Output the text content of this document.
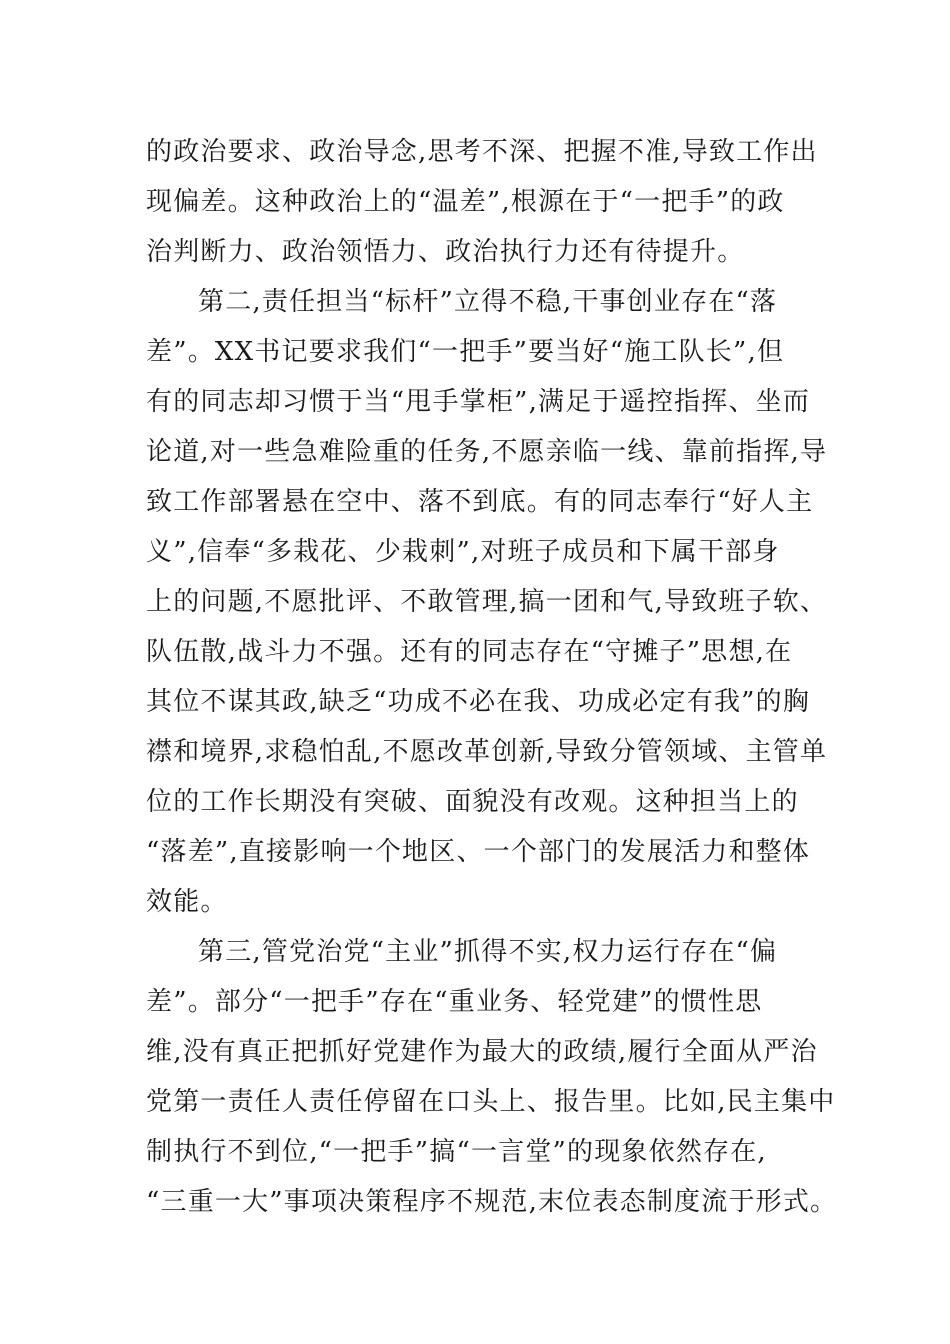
的政治要求、政治导念,思考不深、把握不准,导致工作出
现偏差。这种政治上的“温差”,根源在于“一把手”的政
治判断力、政治领悟力、政治执行力还有待提升。
第二,责任担当“标杆”立得不稳,干事创业存在“落
差”。XX书记要求我们“一把手”要当好“施工队长”,但
有的同志却习惯于当“甩手掌柜”,满足于遥控指挥、坐而
论道,对一些急难险重的任务,不愿亲临一线、靠前指挥,导
致工作部署悬在空中、落不到底。有的同志奉行“好人主
义”,信奉“多栽花、少栽刺”,对班子成员和下属干部身
上的问题,不愿批评、不敢管理,搞一团和气,导致班子软、
队伍散,战斗力不强。还有的同志存在“守摊子”思想,在
其位不谋其政,缺乏“功成不必在我、功成必定有我”的胸
襟和境界,求稳怕乱,不愿改革创新,导致分管领域、主管单
位的工作长期没有突破、面貌没有改观。这种担当上的
“落差”,直接影响一个地区、一个部门的发展活力和整体
效能。
第三,管党治党“主业”抓得不实,权力运行存在“偏
差”。部分“一把手”存在“重业务、轻党建”的惯性思
维,没有真正把抓好党建作为最大的政绩,履行全面从严治
党第一责任人责任停留在口头上、报告里。比如,民主集中
制执行不到位,“一把手”搞“一言堂”的现象依然存在,
“三重一大”事项决策程序不规范,末位表态制度流于形式。
